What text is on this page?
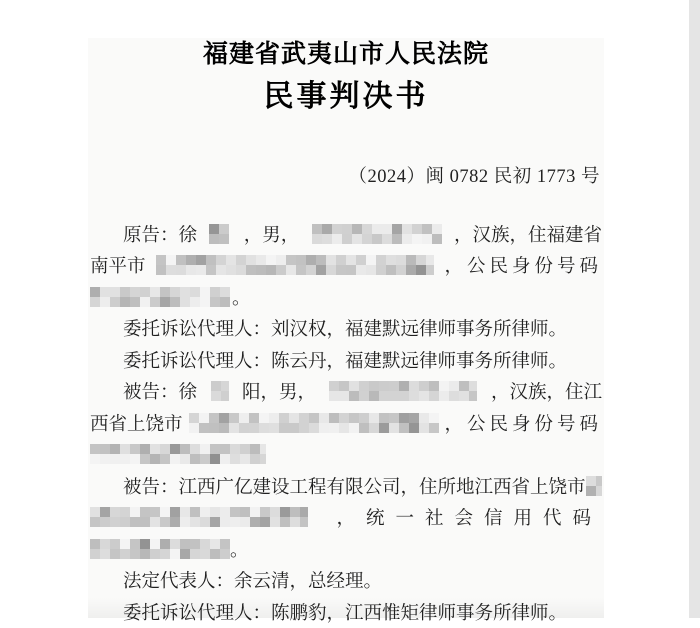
福建省武夷山市人民法院
民事判决书
（2024）闽 0782 民初 1773 号
原告：徐	，男，	，汉族，住福建省
南平市	，公民身份号码
。
委托诉讼代理人：刘汉权，福建默远律师事务所律师。
委托诉讼代理人：陈云丹，福建默远律师事务所律师。
被告：徐 阳，男，	，汉族，住江
西省上饶市	，公民身份号码
被告：江西广亿建设工程有限公司，住所地江西省上饶市
，统一社会信用代码
。
法定代表人：余云清，总经理。
委托诉讼代理人：陈鹏豹，江西惟矩律师事务所律师。
